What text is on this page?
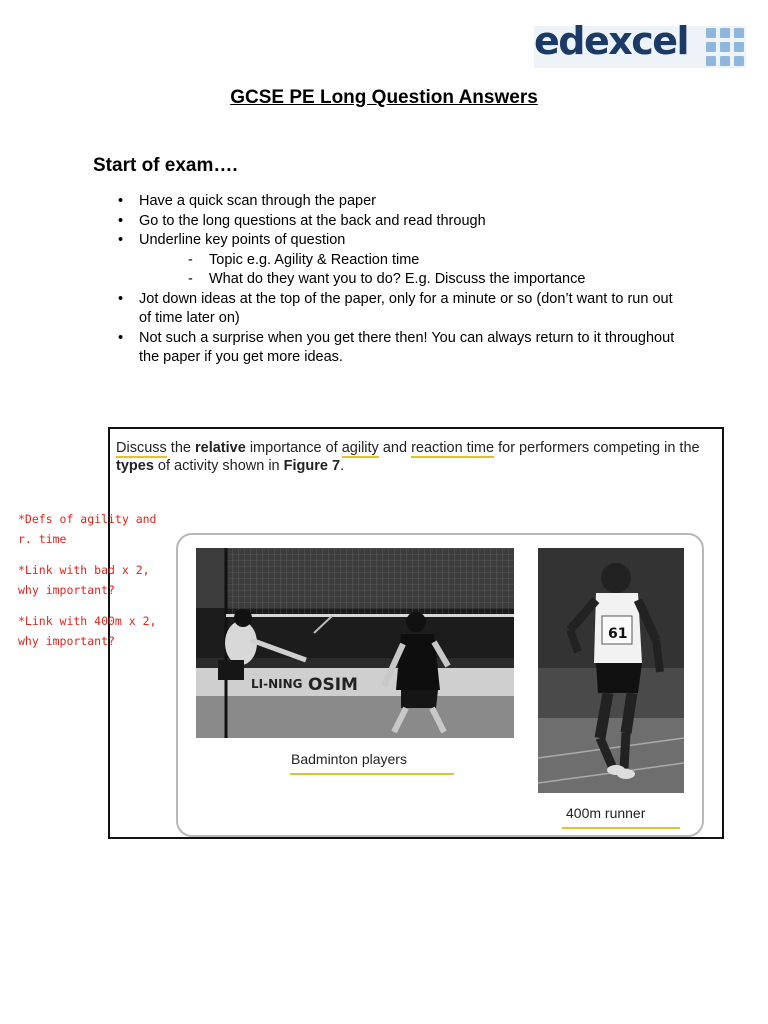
edexcel
GCSE PE Long Question Answers
Start of exam….
• Have a quick scan through the paper
• Go to the long questions at the back and read through
• Underline key points of question
- Topic e.g. Agility & Reaction time
- What do they want you to do? E.g. Discuss the importance
• Jot down ideas at the top of the paper, only for a minute or so (don’t want to run out of time later on)
• Not such a surprise when you get there then! You can always return to it throughout the paper if you get more ideas.
Discuss the relative importance of agility and reaction time for performers competing in the types of activity shown in Figure 7.
LI-NING OSIM
Badminton players
61
400m runner
*Defs of agility and r. time
*Link with bad x 2, why important?
*Link with 400m x 2, why important?
